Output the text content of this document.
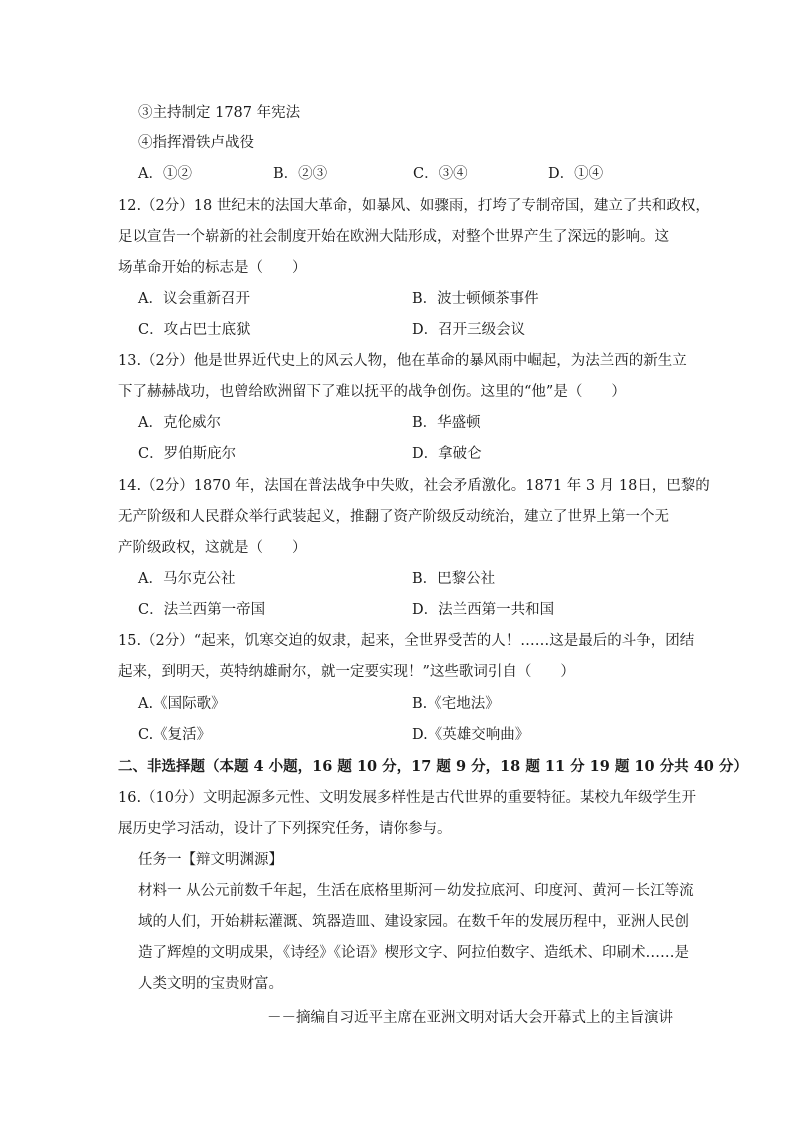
③主持制定 1787 年宪法
④指挥滑铁卢战役
A．①②	B．②③	C．③④	D．①④
12.（2分）18 世纪末的法国大革命，如暴风、如骤雨，打垮了专制帝国，建立了共和政权，
足以宣告一个崭新的社会制度开始在欧洲大陆形成，对整个世界产生了深远的影响。这
场革命开始的标志是（　　）
A．议会重新召开	B．波士顿倾茶事件
C．攻占巴士底狱	D．召开三级会议
13.（2分）他是世界近代史上的风云人物，他在革命的暴风雨中崛起，为法兰西的新生立
下了赫赫战功，也曾给欧洲留下了难以抚平的战争创伤。这里的“他”是（　　）
A．克伦威尔	B．华盛顿
C．罗伯斯庇尔	D．拿破仑
14.（2分）1870 年，法国在普法战争中失败，社会矛盾激化。1871 年 3 月 18日，巴黎的
无产阶级和人民群众举行武装起义，推翻了资产阶级反动统治，建立了世界上第一个无
产阶级政权，这就是（　　）
A．马尔克公社	B．巴黎公社
C．法兰西第一帝国	D．法兰西第一共和国
15.（2分）“起来，饥寒交迫的奴隶，起来，全世界受苦的人！……这是最后的斗争，团结
起来，到明天，英特纳雄耐尔，就一定要实现！”这些歌词引自（　　）
A.《国际歌》	B.《宅地法》
C.《复活》	D.《英雄交响曲》
二、非选择题（本题 4 小题，16 题 10 分，17 题 9 分，18 题 11 分 19 题 10 分共 40 分）
16.（10分）文明起源多元性、文明发展多样性是古代世界的重要特征。某校九年级学生开
展历史学习活动，设计了下列探究任务，请你参与。
任务一【辩文明渊源】
材料一 从公元前数千年起，生活在底格里斯河－幼发拉底河、印度河、黄河－长江等流
域的人们，开始耕耘灌溉、筑器造皿、建设家园。在数千年的发展历程中，亚洲人民创
造了辉煌的文明成果，《诗经》《论语》楔形文字、阿拉伯数字、造纸术、印刷术……是
人类文明的宝贵财富。
－－摘编自习近平主席在亚洲文明对话大会开幕式上的主旨演讲
